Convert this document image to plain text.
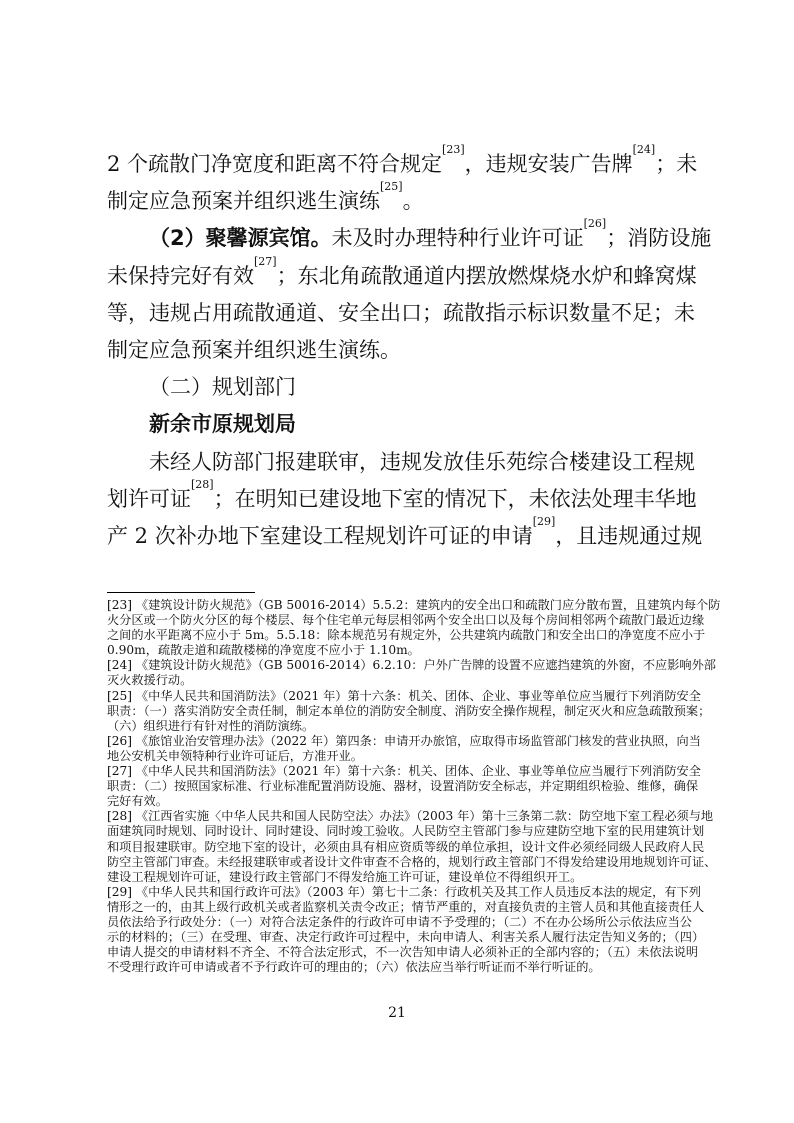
2 个疏散门净宽度和距离不符合规定[23]，违规安装广告牌[24]；未
制定应急预案并组织逃生演练[25]。
（2）聚馨源宾馆。未及时办理特种行业许可证[26]；消防设施
未保持完好有效[27]；东北角疏散通道内摆放燃煤烧水炉和蜂窝煤
等，违规占用疏散通道、安全出口；疏散指示标识数量不足；未
制定应急预案并组织逃生演练。
（二）规划部门
新余市原规划局
未经人防部门报建联审，违规发放佳乐苑综合楼建设工程规
划许可证[28]；在明知已建设地下室的情况下，未依法处理丰华地
产 2 次补办地下室建设工程规划许可证的申请[29]，且违规通过规
[23] 《建筑设计防火规范》（GB 50016-2014）5.5.2：建筑内的安全出口和疏散门应分散布置，且建筑内每个防
火分区或一个防火分区的每个楼层、每个住宅单元每层相邻两个安全出口以及每个房间相邻两个疏散门最近边缘
之间的水平距离不应小于 5m。5.5.18：除本规范另有规定外，公共建筑内疏散门和安全出口的净宽度不应小于
0.90m，疏散走道和疏散楼梯的净宽度不应小于 1.10m。
[24] 《建筑设计防火规范》（GB 50016-2014）6.2.10：户外广告牌的设置不应遮挡建筑的外窗，不应影响外部
灭火救援行动。
[25] 《中华人民共和国消防法》（2021 年）第十六条：机关、团体、企业、事业等单位应当履行下列消防安全
职责：（一）落实消防安全责任制，制定本单位的消防安全制度、消防安全操作规程，制定灭火和应急疏散预案；
（六）组织进行有针对性的消防演练。
[26] 《旅馆业治安管理办法》（2022 年）第四条：申请开办旅馆，应取得市场监管部门核发的营业执照，向当
地公安机关申领特种行业许可证后，方准开业。
[27] 《中华人民共和国消防法》（2021 年）第十六条：机关、团体、企业、事业等单位应当履行下列消防安全
职责：（二）按照国家标准、行业标准配置消防设施、器材，设置消防安全标志，并定期组织检验、维修，确保
完好有效。
[28] 《江西省实施〈中华人民共和国人民防空法〉办法》（2003 年）第十三条第二款：防空地下室工程必须与地
面建筑同时规划、同时设计、同时建设、同时竣工验收。人民防空主管部门参与应建防空地下室的民用建筑计划
和项目报建联审。防空地下室的设计，必须由具有相应资质等级的单位承担，设计文件必须经同级人民政府人民
防空主管部门审查。未经报建联审或者设计文件审查不合格的，规划行政主管部门不得发给建设用地规划许可证、
建设工程规划许可证，建设行政主管部门不得发给施工许可证，建设单位不得组织开工。
[29] 《中华人民共和国行政许可法》（2003 年）第七十二条：行政机关及其工作人员违反本法的规定，有下列
情形之一的，由其上级行政机关或者监察机关责令改正；情节严重的，对直接负责的主管人员和其他直接责任人
员依法给予行政处分：（一）对符合法定条件的行政许可申请不予受理的；（二）不在办公场所公示依法应当公
示的材料的；（三）在受理、审查、决定行政许可过程中，未向申请人、利害关系人履行法定告知义务的；（四）
申请人提交的申请材料不齐全、不符合法定形式，不一次告知申请人必须补正的全部内容的；（五）未依法说明
不受理行政许可申请或者不予行政许可的理由的；（六）依法应当举行听证而不举行听证的。
21
